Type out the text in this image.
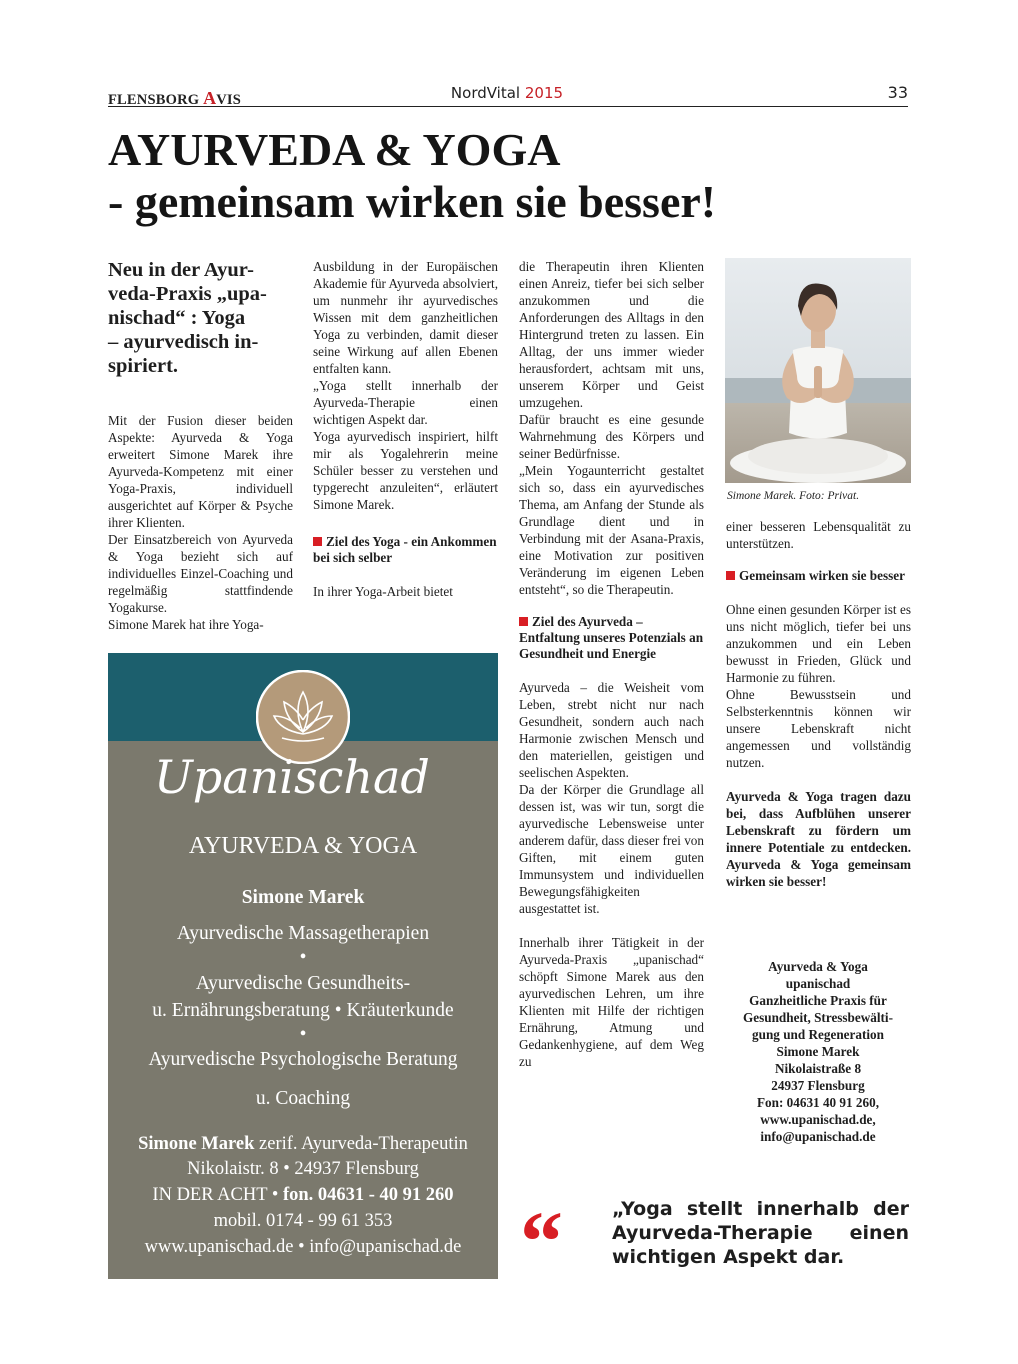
FLENSBORG AVIS	NordVital 2015	33
AYURVEDA & YOGA
- gemeinsam wirken sie besser!
Neu in der Ayur-
veda-Praxis „upa-
nischad“ : Yoga
– ayurvedisch in-
spiriert.

Mit der Fusion dieser beiden Aspekte: Ayurveda & Yoga erweitert Simone Marek ihre Ayurveda-Kompetenz mit einer Yoga-Praxis, individuell ausgerichtet auf Körper & Psyche ihrer Klienten.

Der Einsatzbereich von Ayurveda & Yoga bezieht sich auf individuelles Einzel-Coaching und regelmäßig stattfindende Yogakurse.

Simone Marek hat ihre Yoga-

Ausbildung in der Europäischen Akademie für Ayurveda absolviert, um nunmehr ihr ayurvedisches Wissen mit dem ganzheitlichen Yoga zu verbinden, damit dieser seine Wirkung auf allen Ebenen entfalten kann.

„Yoga stellt innerhalb der Ayurveda-Therapie einen wichtigen Aspekt dar.

Yoga ayurvedisch inspiriert, hilft mir als Yogalehrerin meine Schüler besser zu verstehen und typgerecht anzuleiten“, erläutert Simone Marek.

Ziel des Yoga - ein Ankommen bei sich selber

In ihrer Yoga-Arbeit bietet

die Therapeutin ihren Klienten einen Anreiz, tiefer bei sich selber anzukommen und die Anforderungen des Alltags in den Hintergrund treten zu lassen. Ein Alltag, der uns immer wieder herausfordert, achtsam mit uns, unserem Körper und Geist umzugehen.

Dafür braucht es eine gesunde Wahrnehmung des Körpers und seiner Bedürfnisse.

„Mein Yogaunterricht gestaltet sich so, dass ein ayurvedisches Thema, am Anfang der Stunde als Grundlage dient und in Verbindung mit der Asana-Praxis, eine Motivation zur positiven Veränderung im eigenen Leben entsteht“, so die Therapeutin.

Ziel des Ayurveda – Entfaltung unseres Potenzials an Gesundheit und Energie

Ayurveda – die Weisheit vom Leben, strebt nicht nur nach Gesundheit, sondern auch nach Harmonie zwischen Mensch und den materiellen, geistigen und seelischen Aspekten.

Da der Körper die Grundlage all dessen ist, was wir tun, sorgt die ayurvedische Lebensweise unter anderem dafür, dass dieser frei von Giften, mit einem guten Immunsystem und individuellen Bewegungsfähigkeiten ausgestattet ist.

Innerhalb ihrer Tätigkeit in der Ayurveda-Praxis „upanischad“ schöpft Simone Marek aus den ayurvedischen Lehren, um ihre Klienten mit Hilfe der richtigen Ernährung, Atmung und Gedankenhygiene, auf dem Weg zu

Simone Marek. Foto: Privat.

einer besseren Lebensqualität zu unterstützen.

Gemeinsam wirken sie besser

Ohne einen gesunden Körper ist es uns nicht möglich, tiefer bei uns anzukommen und ein Leben bewusst in Frieden, Glück und Harmonie zu führen.

Ohne Bewusstsein und Selbsterkenntnis können wir unsere Lebenskraft nicht angemessen und vollständig nutzen.

Ayurveda & Yoga tragen dazu bei, dass Aufblühen unserer Lebenskraft zu fördern um innere Potentiale zu entdecken. Ayurveda & Yoga gemeinsam wirken sie besser!

Ayurveda & Yoga
upanischad
Ganzheitliche Praxis für
Gesundheit, Stressbewälti-
gung und Regeneration
Simone Marek
Nikolaistraße 8
24937 Flensburg
Fon: 04631 40 91 260,
www.upanischad.de,
info@upanischad.de
Upanischad
AYURVEDA & YOGA
Simone Marek
Ayurvedische Massagetherapien
•
Ayurvedische Gesundheits-
u. Ernährungsberatung • Kräuterkunde
•
Ayurvedische Psychologische Beratung
u. Coaching
Simone Marek zerif. Ayurveda-Therapeutin
Nikolaistr. 8 • 24937 Flensburg
IN DER ACHT • fon. 04631 - 40 91 260
mobil. 0174 - 99 61 353
www.upanischad.de • info@upanischad.de “	„Yoga stellt innerhalb der Ayurveda-Therapie einen wichtigen Aspekt dar.
